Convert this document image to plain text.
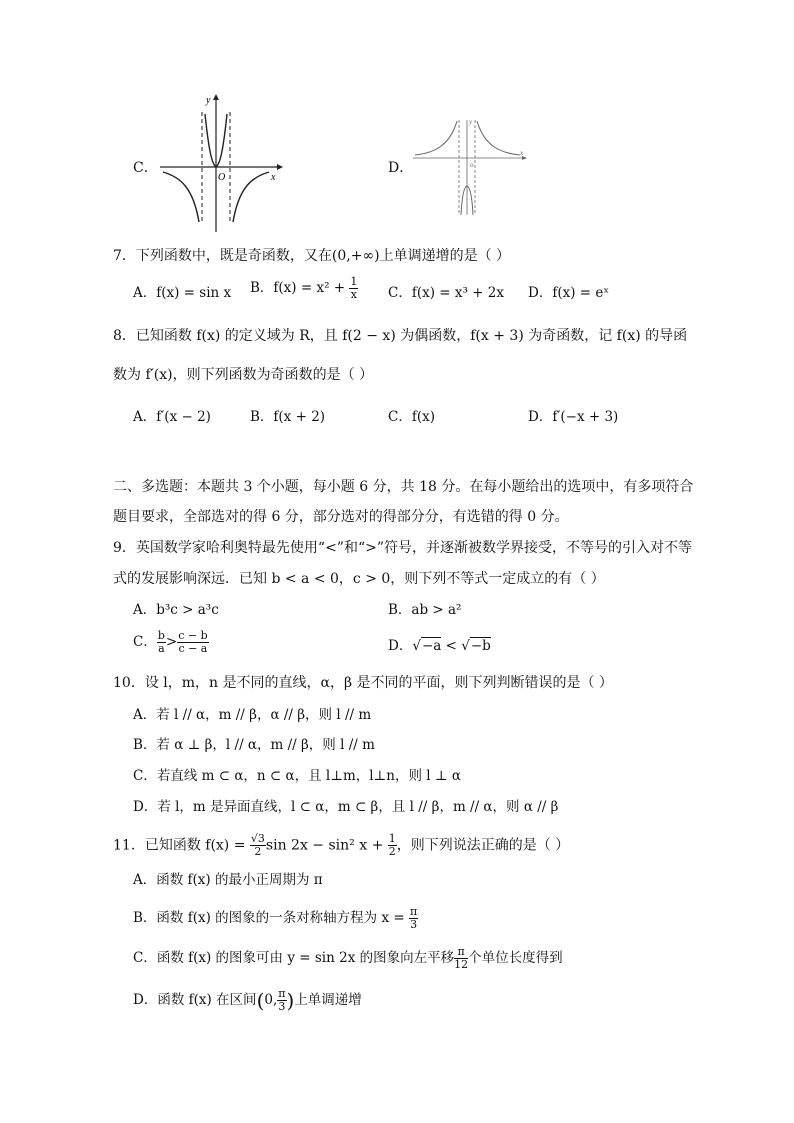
C．
y
x
O
D．
y
x
o
7．下列函数中，既是奇函数，又在(0,+∞)上单调递增的是（ ）
A．f(x) = sin x B．$f(x) = x^2 + \frac{1}{x}$ C．f(x) = x³ + 2x D．f(x) = eˣ
8．已知函数 f(x) 的定义域为 R，且 f(2 − x) 为偶函数，f(x + 3) 为奇函数，记 f(x) 的导函
数为 f′(x)，则下列函数为奇函数的是（ ）
A．f′(x − 2)	B．f(x + 2)	C．f(x)	D．f′(−x + 3)
二、多选题：本题共 3 个小题，每小题 6 分，共 18 分。在每小题给出的选项中，有多项符合
题目要求，全部选对的得 6 分，部分选对的得部分分，有选错的得 0 分。
9．英国数学家哈利奥特最先使用“<”和“>”符号，并逐渐被数学界接受，不等号的引入对不等
式的发展影响深远．已知 b < a < 0，c > 0，则下列不等式一定成立的有（ ）
A．b³c > a³c	B．ab > a²
C． $\frac{b}{a} > \frac{c - b}{c - a}$	D．√−a < √−b
10．设 l，m，n 是不同的直线，α，β 是不同的平面，则下列判断错误的是（ ）
A．若 l // α，m // β，α // β，则 l // m
B．若 α ⊥ β，l // α，m // β，则 l // m
C．若直线 m ⊂ α，n ⊂ α，且 l⊥m，l⊥n，则 l ⊥ α
D．若 l，m 是异面直线，l ⊂ α，m ⊂ β，且 l // β，m // α，则 α // β
11．已知函数 $f(x) = \frac{√3}{2}$ sin 2x − sin² $x + \frac{1}{2}$ ，则下列说法正确的是（ ）
A．函数 f(x) 的最小正周期为 π
B．函数 f(x) 的图象的一条对称轴方程为 $x = \frac{\pi}{3}$
C．函数 f(x) 的图象可由 y = sin 2x 的图象向左平移 $\frac{\pi}{12}$ 个单位长度得到
D．函数 f(x) 在区间(0, $\frac{\pi}{3}$ )上单调递增
